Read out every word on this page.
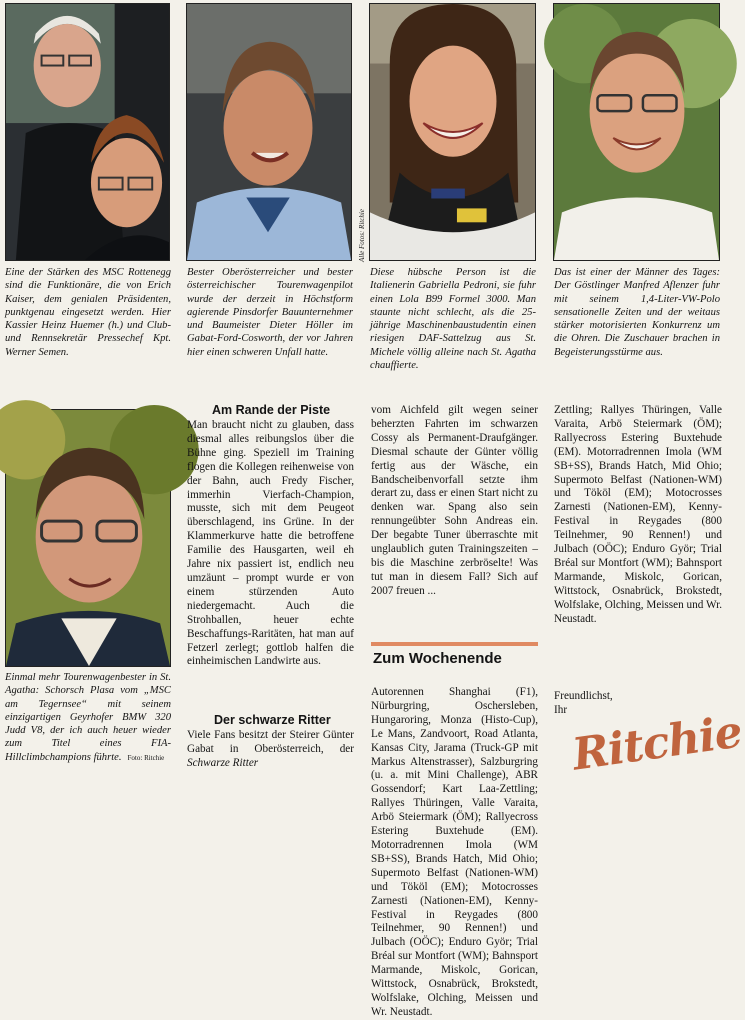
Alle Fotos: Ritchie

Eine der Stärken des MSC Rottenegg sind die Funktionäre, die von Erich Kaiser, dem genialen Präsidenten, punktgenau eingesetzt werden. Hier Kassier Heinz Huemer (h.) und Club- und Rennsekretär Pressechef Kpt. Werner Semen.

Bester Oberösterreicher und bester österreichischer Tourenwagenpilot wurde der derzeit in Höchstform agierende Pinsdorfer Bauunternehmer und Baumeister Dieter Höller im Gabat-Ford-Cosworth, der vor Jahren hier einen schweren Unfall hatte.

Diese hübsche Person ist die Italienerin Gabriella Pedroni, sie fuhr einen Lola B99 Formel 3000. Man staunte nicht schlecht, als die 25-jährige Maschinenbaustudentin einen riesigen DAF-Sattelzug aus St. Michele völlig alleine nach St. Agatha chauffierte.

Das ist einer der Männer des Tages: Der Göstlinger Manfred Aflenzer fuhr mit seinem 1,4-Liter-VW-Polo sensationelle Zeiten und der weitaus stärker motorisierten Konkurrenz um die Ohren. Die Zuschauer brachen in Begeisterungsstürme aus.

Einmal mehr Tourenwagenbester in St. Agatha: Schorsch Plasa vom „MSC am Tegernsee“ mit seinem einzigartigen Geyrhofer BMW 320 Judd V8, der ich auch heuer wieder zum Titel eines FIA-Hillclimbchampions führte. Foto: Ritchie

Am Rande der Piste

Man braucht nicht zu glauben, dass diesmal alles reibungslos über die Bühne ging. Speziell im Training flogen die Kollegen reihenweise von der Bahn, auch Fredy Fischer, immerhin Vierfach-Champion, musste, sich mit dem Peugeot überschlagend, ins Grüne. In der Klammerkurve hatte die betroffene Familie des Hausgarten, weil eh Jahre nix passiert ist, endlich neu umzäunt – prompt wurde er von einem stürzenden Auto niedergemacht. Auch die Strohballen, heuer echte Beschaffungs-Raritäten, hat man auf Fetzerl zerlegt; gottlob halfen die einheimischen Landwirte aus.

Der schwarze Ritter

Viele Fans besitzt der Steirer Günter Gabat in Oberösterreich, der Schwarze Ritter

vom Aichfeld gilt wegen seiner beherzten Fahrten im schwarzen Cossy als Permanent-Draufgänger. Diesmal schaute der Günter völlig fertig aus der Wäsche, ein Bandscheibenvorfall setzte ihm derart zu, dass er einen Start nicht zu denken war. Spang also sein rennungeübter Sohn Andreas ein. Der begabte Tuner überraschte mit unglaublich guten Trainingszeiten – bis die Maschine zerbröselte! Was tut man in diesem Fall? Sich auf 2007 freuen ...

Zum Wochenende

Autorennen Shanghai (F1), Nürburgring, Oschersleben, Hungaroring, Monza (Histo-Cup), Le Mans, Zandvoort, Road Atlanta, Kansas City, Jarama (Truck-GP mit Markus Altenstrasser), Salzburgring (u. a. mit Mini Challenge), ABR Gossendorf; Kart Laa-Zettling; Rallyes Thüringen, Valle Varaita, Arbö Steiermark (ÖM); Rallyecross Estering Buxtehude (EM). Motorradrennen Imola (WM SB+SS), Brands Hatch, Mid Ohio; Supermoto Belfast (Nationen-WM) und Tököl (EM); Motocrosses Zarnesti (Nationen-EM), Kenny-Festival in Reygades (800 Teilnehmer, 90 Rennen!) und Julbach (OÖC); Enduro Györ; Trial Bréal sur Montfort (WM); Bahnsport Marmande, Miskolc, Gorican, Wittstock, Osnabrück, Brokstedt, Wolfslake, Olching, Meissen und Wr. Neustadt.

Zettling; Rallyes Thüringen, Valle Varaita, Arbö Steiermark (ÖM); Rallyecross Estering Buxtehude (EM). Motorradrennen Imola (WM SB+SS), Brands Hatch, Mid Ohio; Supermoto Belfast (Nationen-WM) und Tököl (EM); Motocrosses Zarnesti (Nationen-EM), Kenny-Festival in Reygades (800 Teilnehmer, 90 Rennen!) und Julbach (OÖC); Enduro Györ; Trial Bréal sur Montfort (WM); Bahnsport Marmande, Miskolc, Gorican, Wittstock, Osnabrück, Brokstedt, Wolfslake, Olching, Meissen und Wr. Neustadt.

Freundlichst,
Ihr Ritchie
